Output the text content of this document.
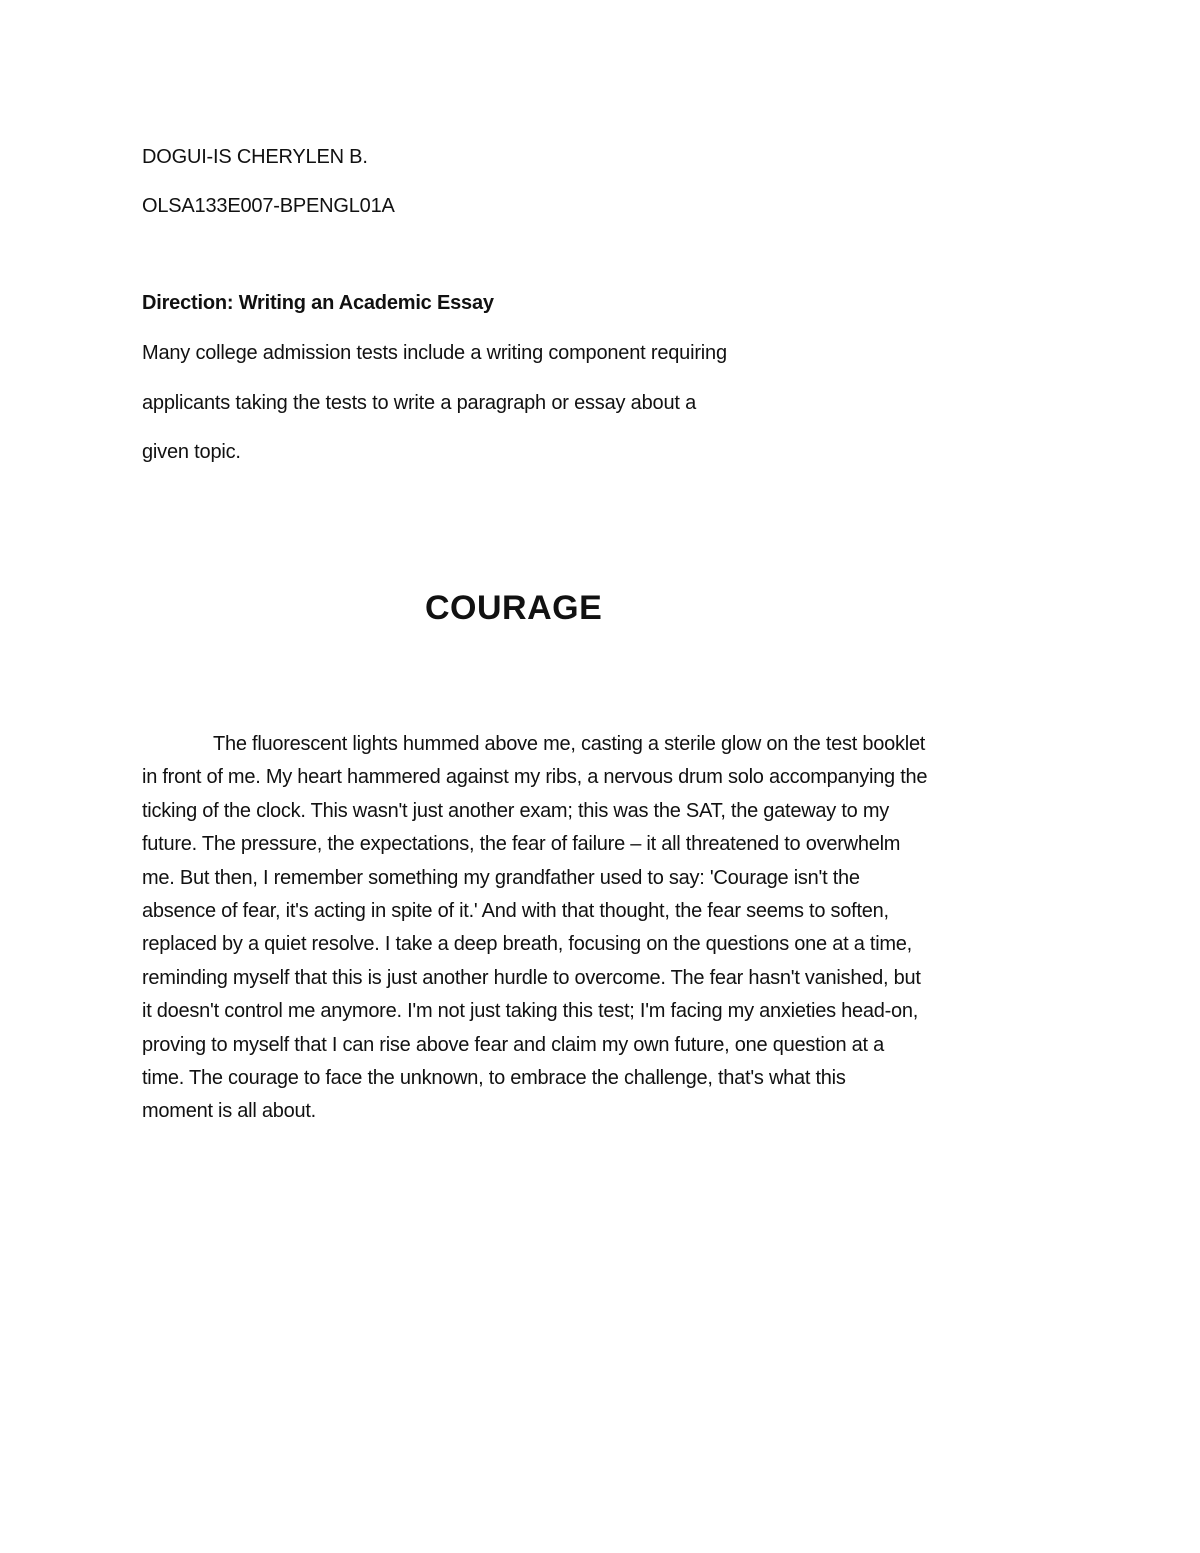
DOGUI-IS CHERYLEN B.
OLSA133E007-BPENGL01A
Direction: Writing an Academic Essay
Many college admission tests include a writing component requiring
applicants taking the tests to write a paragraph or essay about a
given topic.
COURAGE
The fluorescent lights hummed above me, casting a sterile glow on the test booklet
in front of me. My heart hammered against my ribs, a nervous drum solo accompanying the
ticking of the clock. This wasn't just another exam; this was the SAT, the gateway to my
future. The pressure, the expectations, the fear of failure – it all threatened to overwhelm
me. But then, I remember something my grandfather used to say: 'Courage isn't the
absence of fear, it's acting in spite of it.' And with that thought, the fear seems to soften,
replaced by a quiet resolve. I take a deep breath, focusing on the questions one at a time,
reminding myself that this is just another hurdle to overcome. The fear hasn't vanished, but
it doesn't control me anymore. I'm not just taking this test; I'm facing my anxieties head-on,
proving to myself that I can rise above fear and claim my own future, one question at a
time. The courage to face the unknown, to embrace the challenge, that's what this
moment is all about.
